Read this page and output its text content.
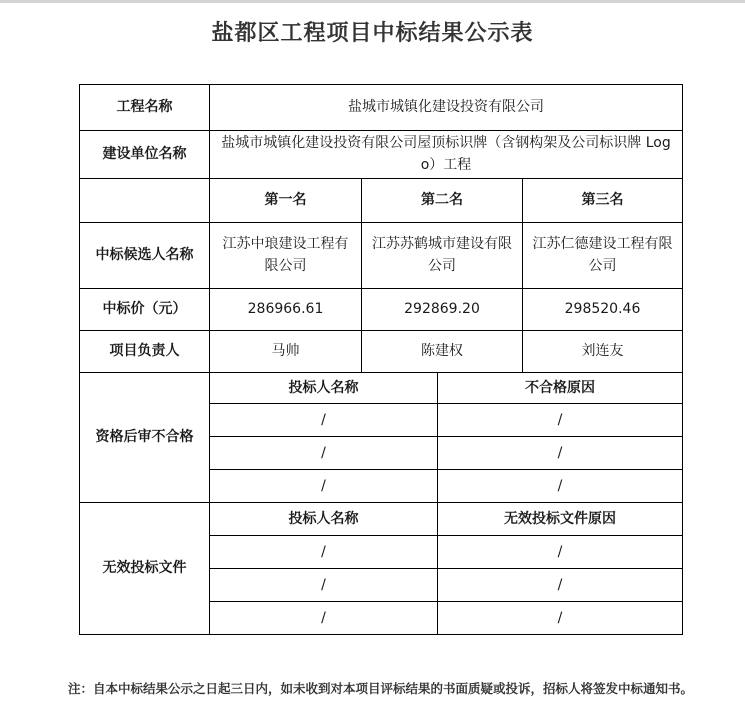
盐都区工程项目中标结果公示表
工程名称	盐城市城镇化建设投资有限公司			
建设单位名称	盐城市城镇化建设投资有限公司屋顶标识牌（含钢构架及公司标识牌 Logo）工程			
	第一名	第二名		第三名
中标候选人名称	江苏中琅建设工程有限公司	江苏苏鹤城市建设有限公司		江苏仁德建设工程有限公司
中标价（元）	286966.61	292869.20		298520.46
项目负责人	马帅	陈建权		刘连友
资格后审不合格	投标人名称		不合格原因	
	/		/	
	/		/	
	/		/	
无效投标文件	投标人名称		无效投标文件原因	
	/		/	
	/		/	
	/		/	

注：自本中标结果公示之日起三日内，如未收到对本项目评标结果的书面质疑或投诉，招标人将签发中标通知书。
